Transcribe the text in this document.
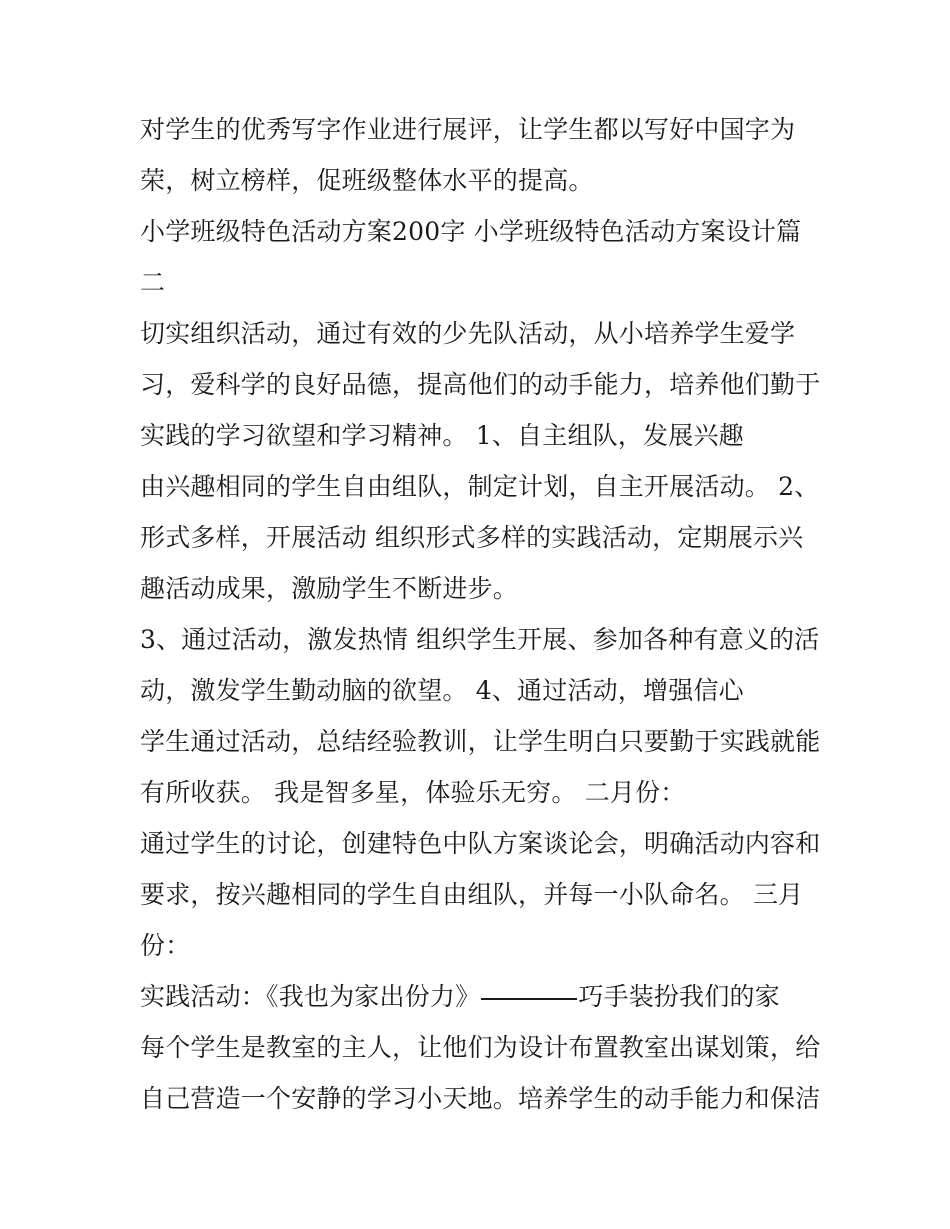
对学生的优秀写字作业进行展评，让学生都以写好中国字为
荣，树立榜样，促班级整体水平的提高。
小学班级特色活动方案200字 小学班级特色活动方案设计篇
二
切实组织活动，通过有效的少先队活动，从小培养学生爱学
习，爱科学的良好品德，提高他们的动手能力，培养他们勤于
实践的学习欲望和学习精神。 1、自主组队，发展兴趣
由兴趣相同的学生自由组队，制定计划，自主开展活动。 2、
形式多样，开展活动 组织形式多样的实践活动，定期展示兴
趣活动成果，激励学生不断进步。
3、通过活动，激发热情 组织学生开展、参加各种有意义的活
动，激发学生勤动脑的欲望。 4、通过活动，增强信心
学生通过活动，总结经验教训，让学生明白只要勤于实践就能
有所收获。 我是智多星，体验乐无穷。 二月份：
通过学生的讨论，创建特色中队方案谈论会，明确活动内容和
要求，按兴趣相同的学生自由组队，并每一小队命名。 三月
份：
实践活动：《我也为家出份力》	巧手装扮我们的家
每个学生是教室的主人，让他们为设计布置教室出谋划策，给
自己营造一个安静的学习小天地。培养学生的动手能力和保洁
